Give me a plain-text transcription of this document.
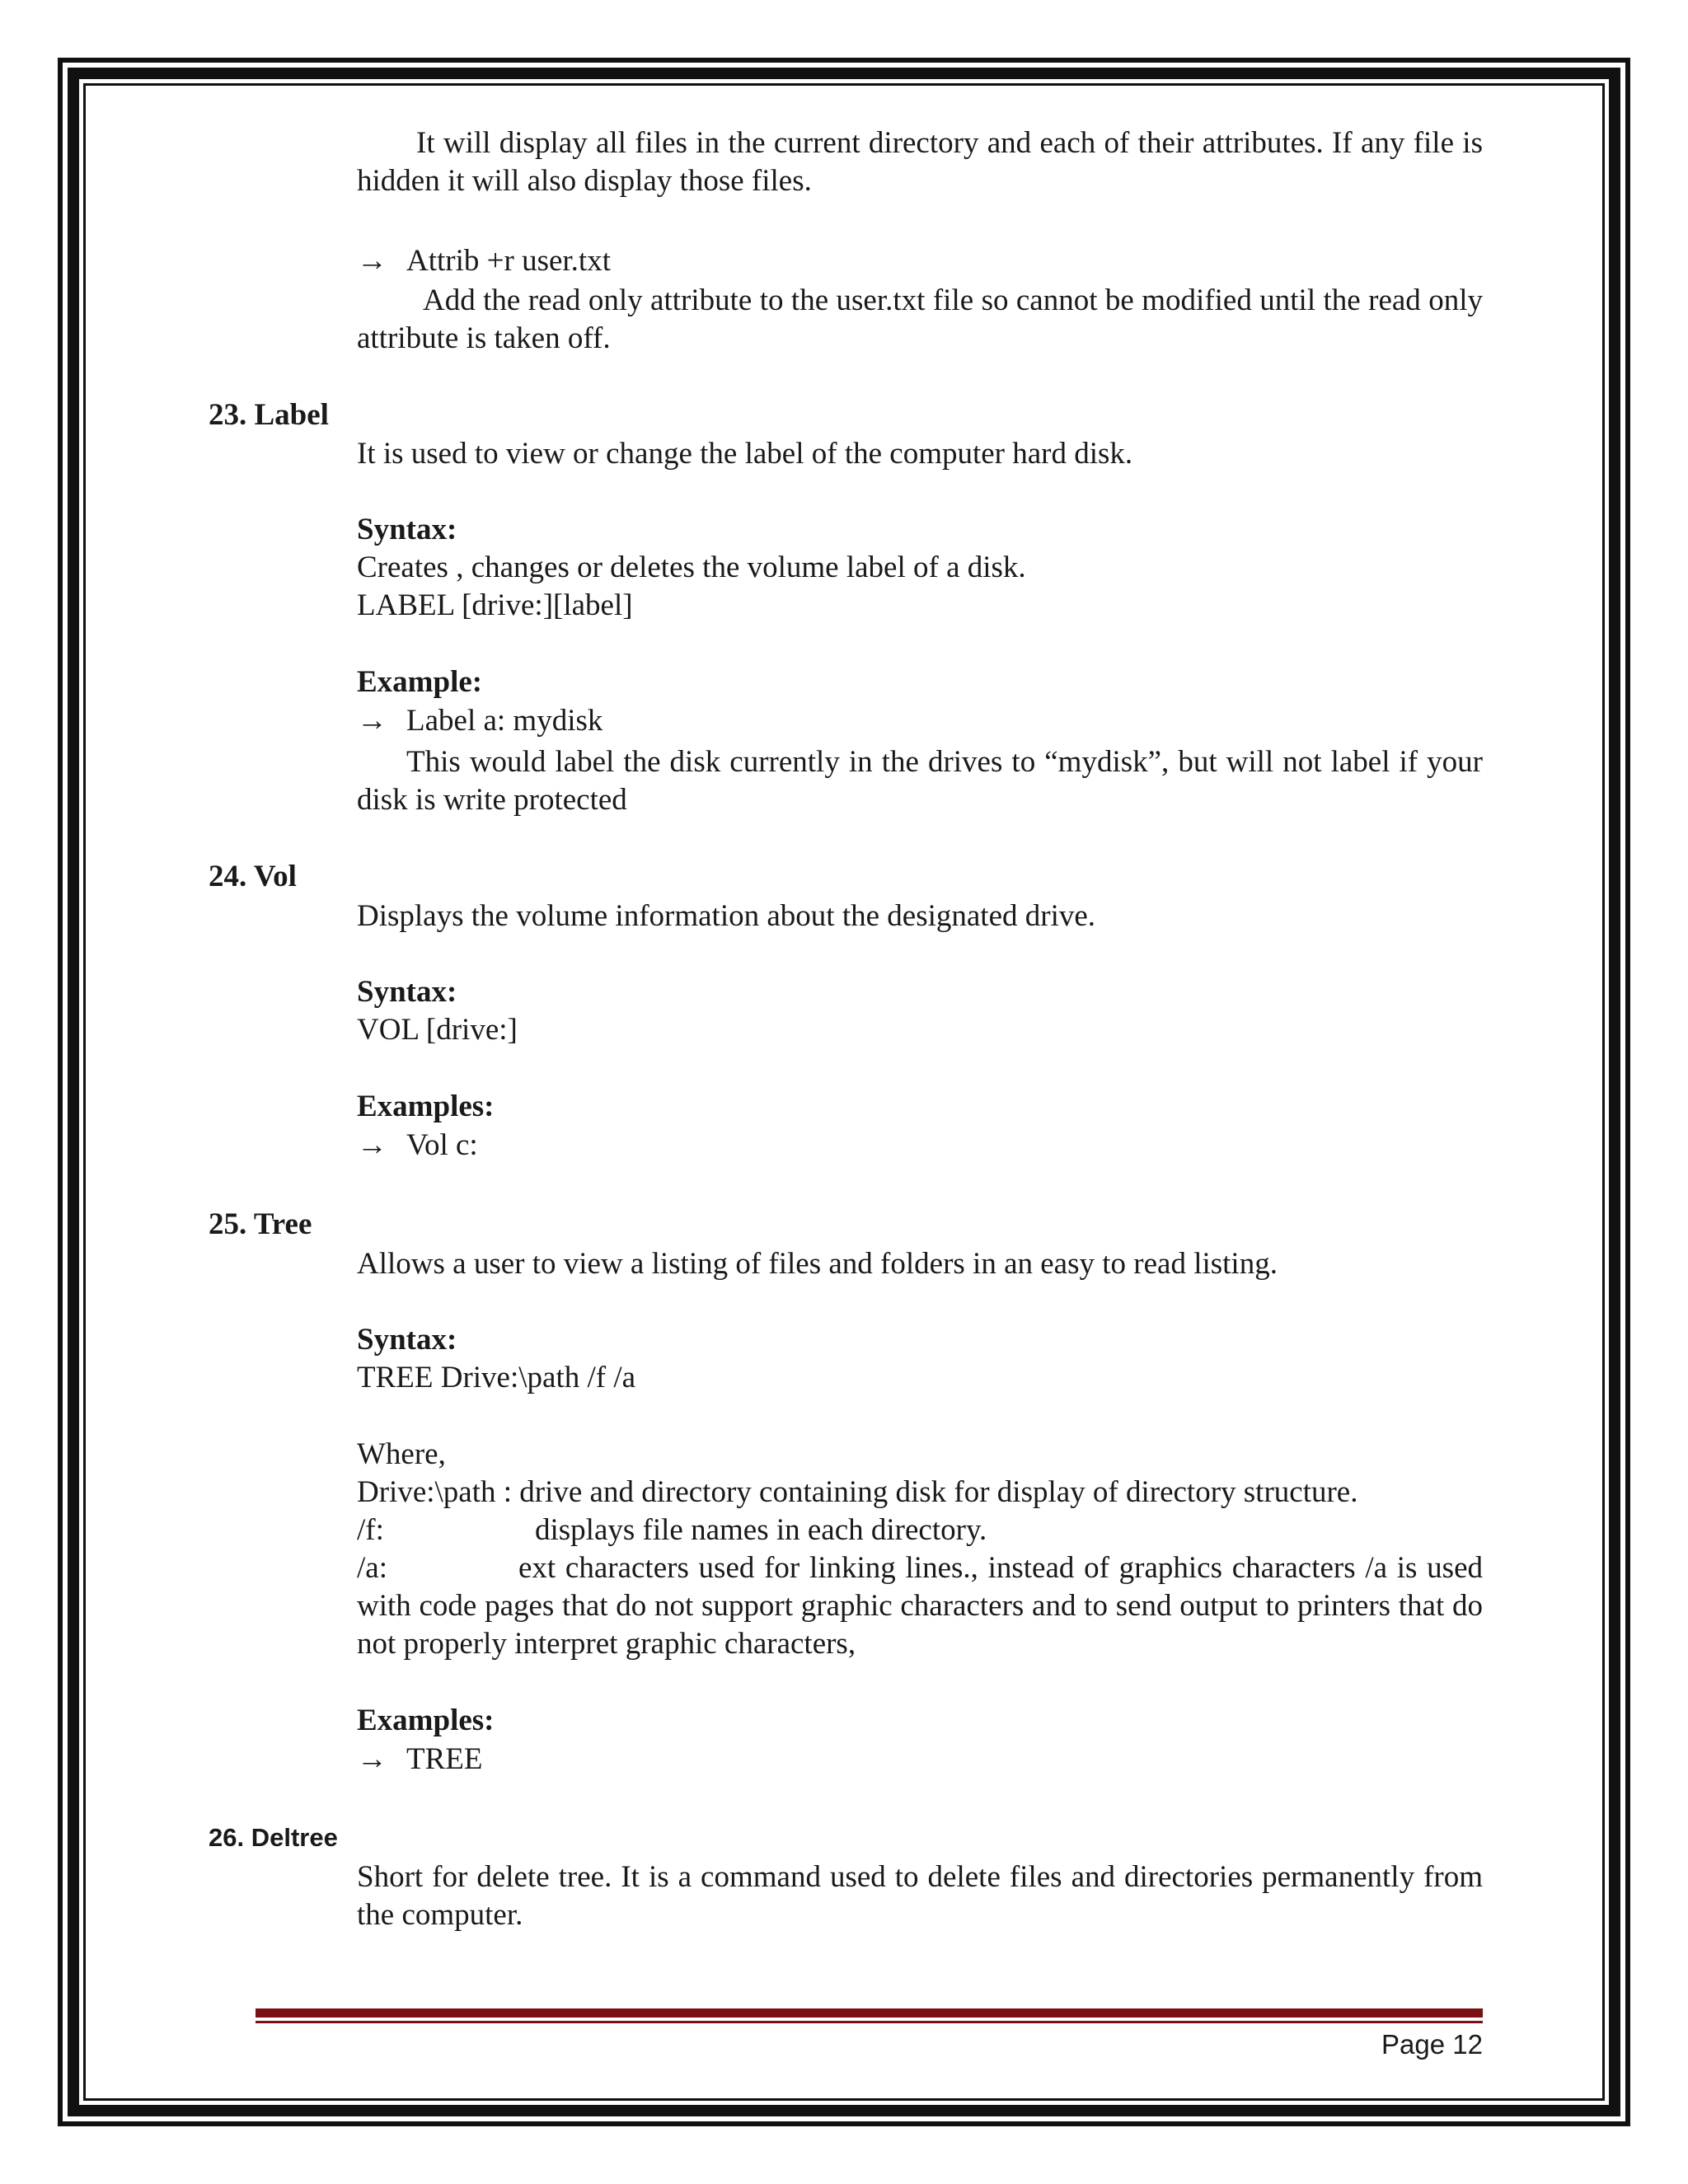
It will display all files in the current directory and each of their attributes. If any file is hidden it will also display those files.

→ Attrib +r user.txt

Add the read only attribute to the user.txt file so cannot be modified until the read only attribute is taken off.

23. Label

It is used to view or change the label of the computer hard disk.

Syntax:

Creates , changes or deletes the volume label of a disk.

LABEL [drive:][label]

Example:

→ Label a: mydisk

This would label the disk currently in the drives to “mydisk”, but will not label if your disk is write protected

24. Vol

Displays the volume information about the designated drive.

Syntax:

VOL [drive:]

Examples:

→ Vol c:

25. Tree

Allows a user to view a listing of files and folders in an easy to read listing.

Syntax:

TREE Drive:\path /f /a

Where,

Drive:\path : drive and directory containing disk for display of directory structure.

/f:	displays file names in each directory.

/a:	ext characters used for linking lines., instead of graphics characters /a is used with code pages that do not support graphic characters and to send output to printers that do not properly interpret graphic characters,

Examples:

→ TREE

26. Deltree

Short for delete tree. It is a command used to delete files and directories permanently from the computer.

Page 12
